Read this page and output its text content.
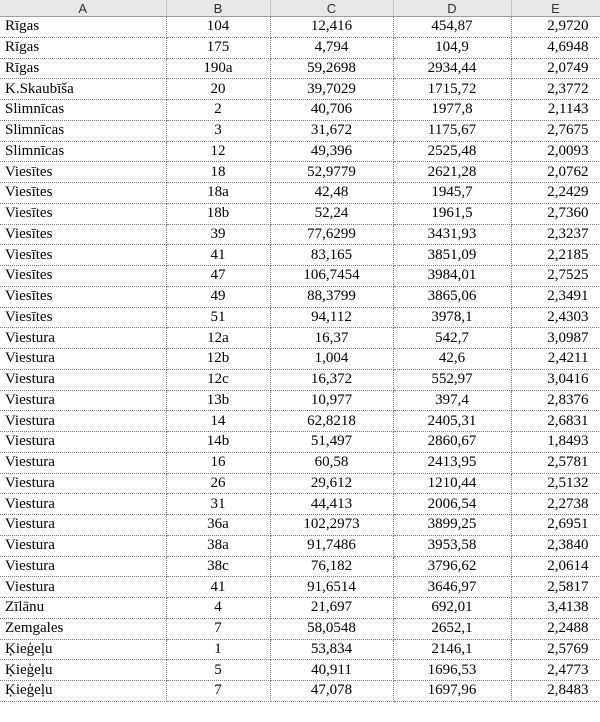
A	B	C	D	E
Rīgas	104	12,416	454,87	2,9720
Rīgas	175	4,794	104,9	4,6948
Rīgas	190a	59,2698	2934,44	2,0749
K.Skaubīša	20	39,7029	1715,72	2,3772
Slimnīcas	2	40,706	1977,8	2,1143
Slimnīcas	3	31,672	1175,67	2,7675
Slimnīcas	12	49,396	2525,48	2,0093
Viesītes	18	52,9779	2621,28	2,0762
Viesītes	18a	42,48	1945,7	2,2429
Viesītes	18b	52,24	1961,5	2,7360
Viesītes	39	77,6299	3431,93	2,3237
Viesītes	41	83,165	3851,09	2,2185
Viesītes	47	106,7454	3984,01	2,7525
Viesītes	49	88,3799	3865,06	2,3491
Viesītes	51	94,112	3978,1	2,4303
Viestura	12a	16,37	542,7	3,0987
Viestura	12b	1,004	42,6	2,4211
Viestura	12c	16,372	552,97	3,0416
Viestura	13b	10,977	397,4	2,8376
Viestura	14	62,8218	2405,31	2,6831
Viestura	14b	51,497	2860,67	1,8493
Viestura	16	60,58	2413,95	2,5781
Viestura	26	29,612	1210,44	2,5132
Viestura	31	44,413	2006,54	2,2738
Viestura	36a	102,2973	3899,25	2,6951
Viestura	38a	91,7486	3953,58	2,3840
Viestura	38c	76,182	3796,62	2,0614
Viestura	41	91,6514	3646,97	2,5817
Zīlānu	4	21,697	692,01	3,4138
Zemgales	7	58,0548	2652,1	2,2488
Ķieģeļu	1	53,834	2146,1	2,5769
Ķieģeļu	5	40,911	1696,53	2,4773
Ķieģeļu	7	47,078	1697,96	2,8483
